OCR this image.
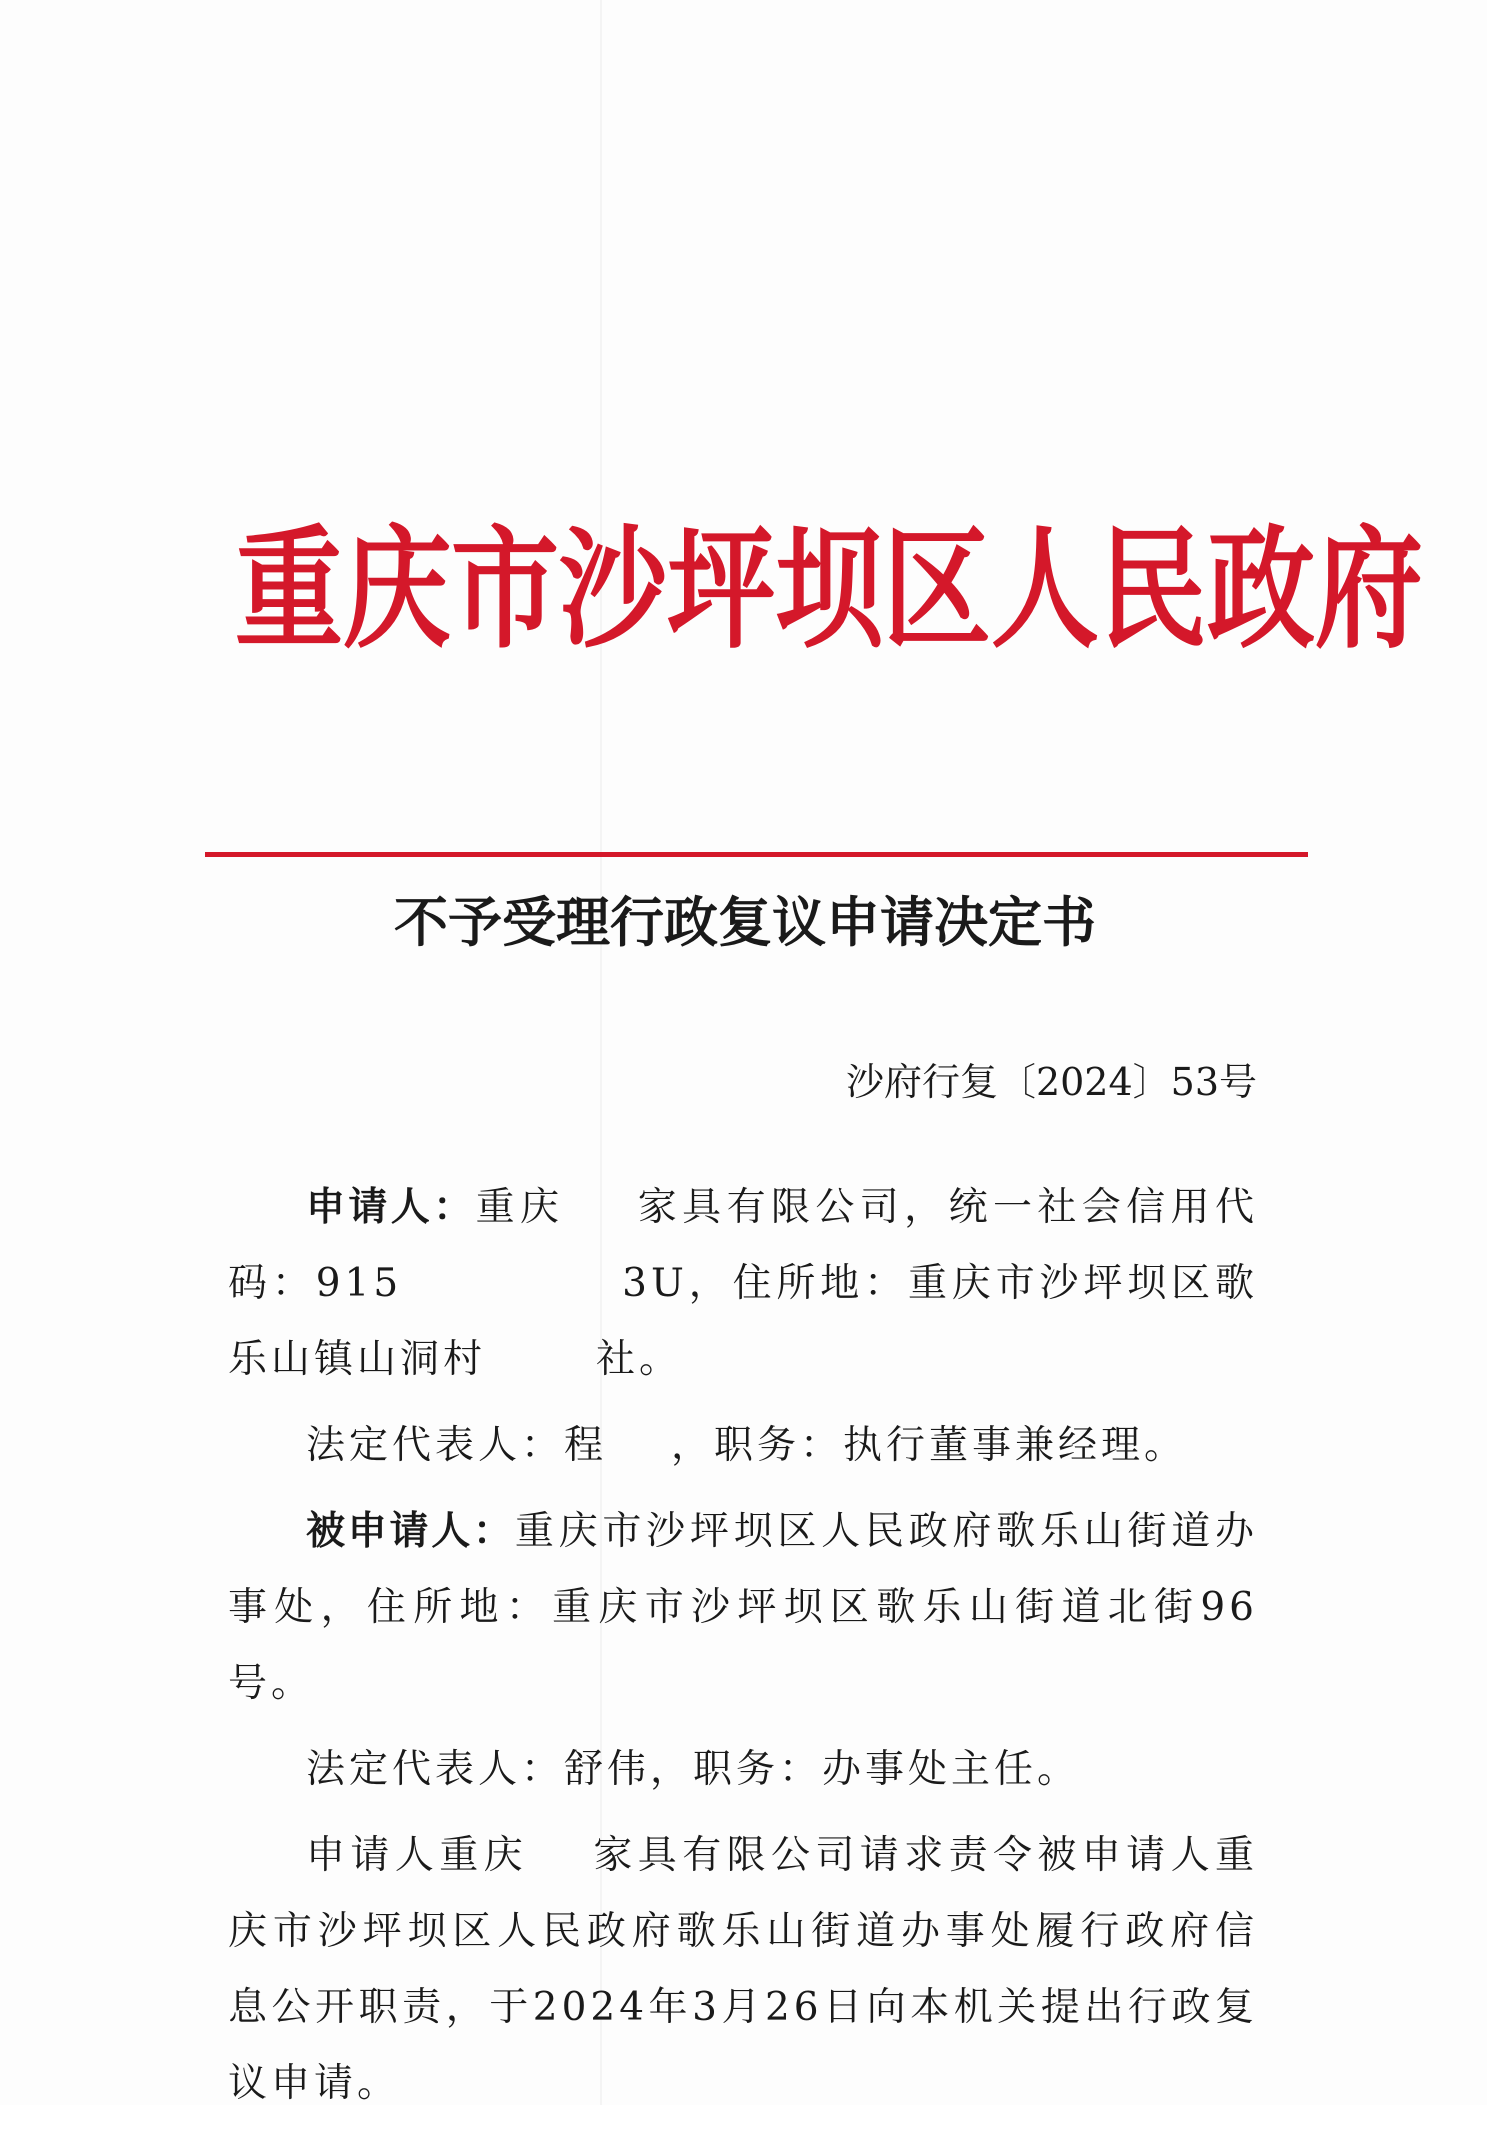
重庆市沙坪坝区人民政府
不予受理行政复议申请决定书
沙府行复〔2024〕53号

申请人：重庆 家具有限公司，统一社会信用代码：915	3U，住所地：重庆市沙坪坝区歌乐山镇山洞村	社。

法定代表人：程 ，职务：执行董事兼经理。

被申请人：重庆市沙坪坝区人民政府歌乐山街道办事处，住所地：重庆市沙坪坝区歌乐山街道北街96号。

法定代表人：舒伟，职务：办事处主任。

申请人重庆 家具有限公司请求责令被申请人重庆市沙坪坝区人民政府歌乐山街道办事处履行政府信息公开职责，于2024年3月26日向本机关提出行政复议申请。
